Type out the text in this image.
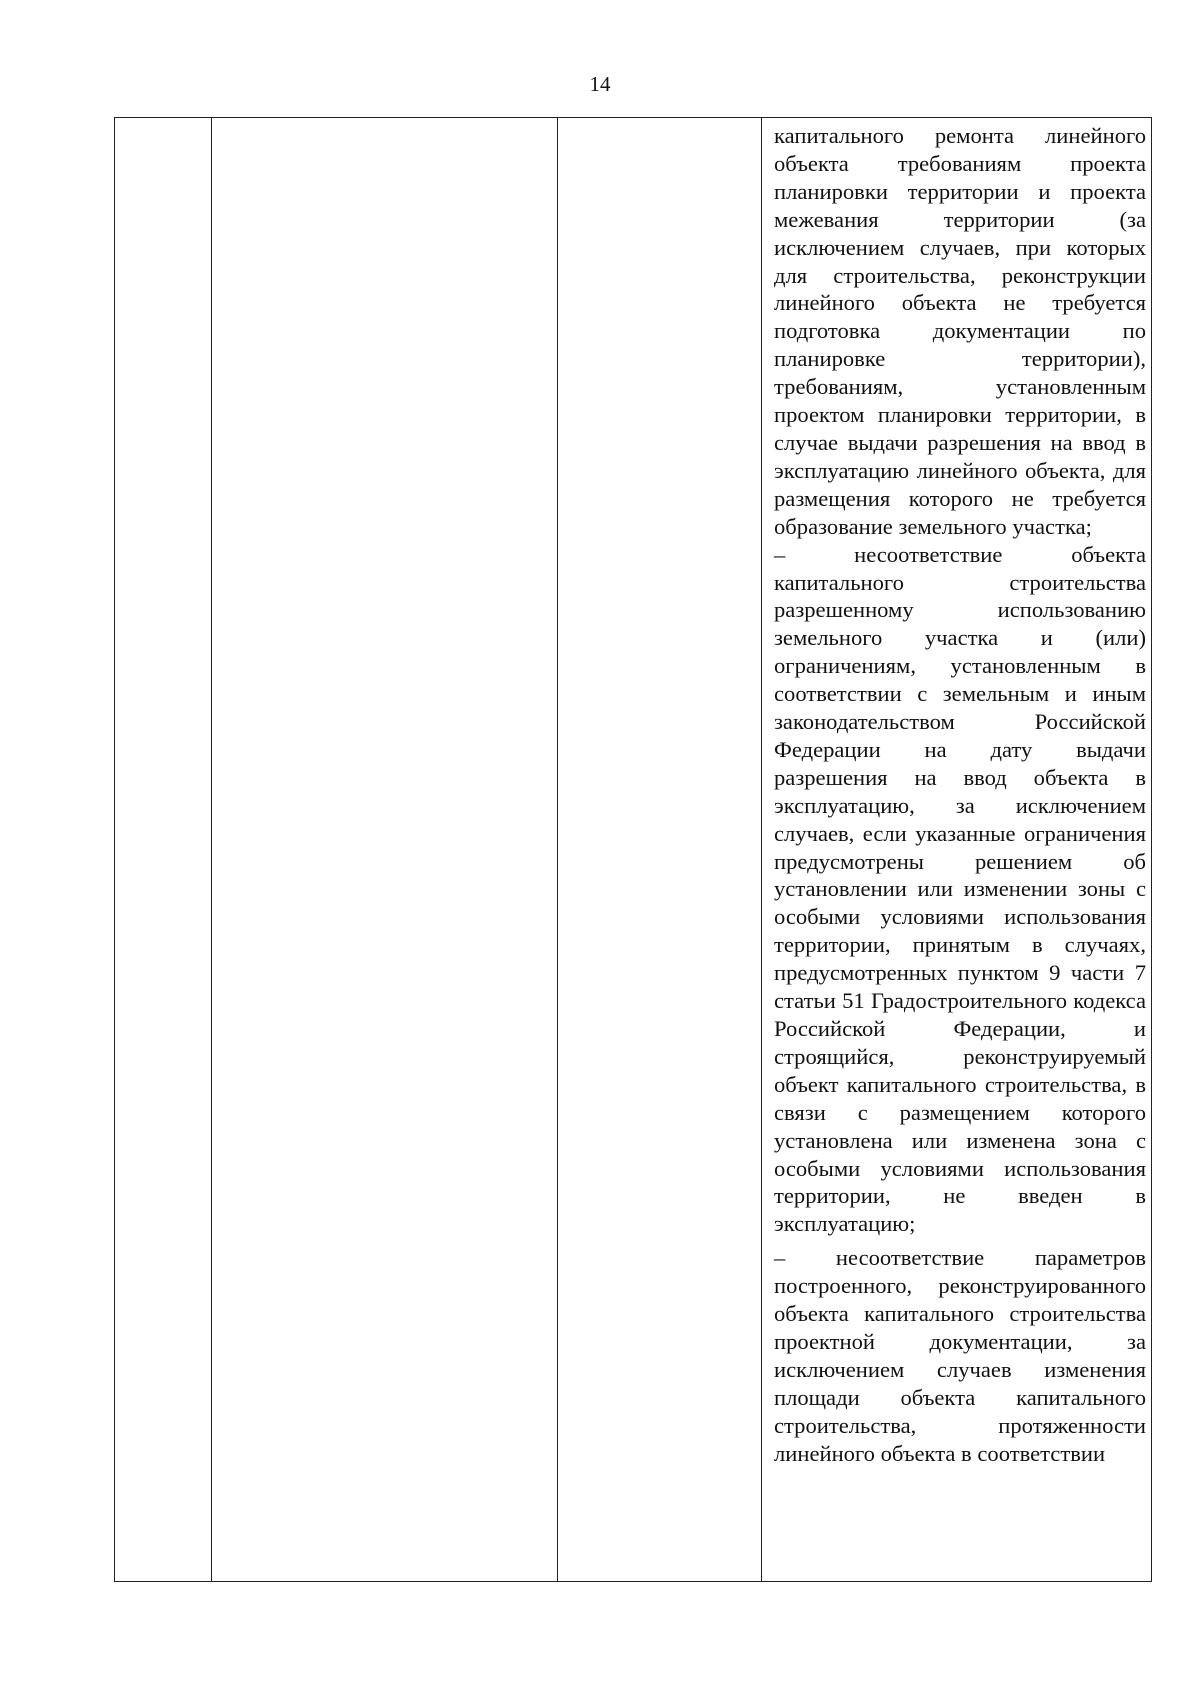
14

капитального ремонта линейного объекта требованиям проекта планировки территории и проекта межевания территории (за исключением случаев, при которых для строительства, реконструкции линейного объекта не требуется подготовка документации по планировке территории), требованиям, установленным проектом планировки территории, в случае выдачи разрешения на ввод в эксплуатацию линейного объекта, для размещения которого не требуется образование земельного участка;

– несоответствие объекта капитального строительства разрешенному использованию земельного участка и (или) ограничениям, установленным в соответствии с земельным и иным законодательством Российской Федерации на дату выдачи разрешения на ввод объекта в эксплуатацию, за исключением случаев, если указанные ограничения предусмотрены решением об установлении или изменении зоны с особыми условиями использования территории, принятым в случаях, предусмотренных пунктом 9 части 7 статьи 51 Градостроительного кодекса Российской Федерации, и строящийся, реконструируемый объект капитального строительства, в связи с размещением которого установлена или изменена зона с особыми условиями использования территории, не введен в эксплуатацию;

– несоответствие параметров построенного, реконструированного объекта капитального строительства проектной документации, за исключением случаев изменения площади объекта капитального строительства, протяженности линейного объекта в соответствии
